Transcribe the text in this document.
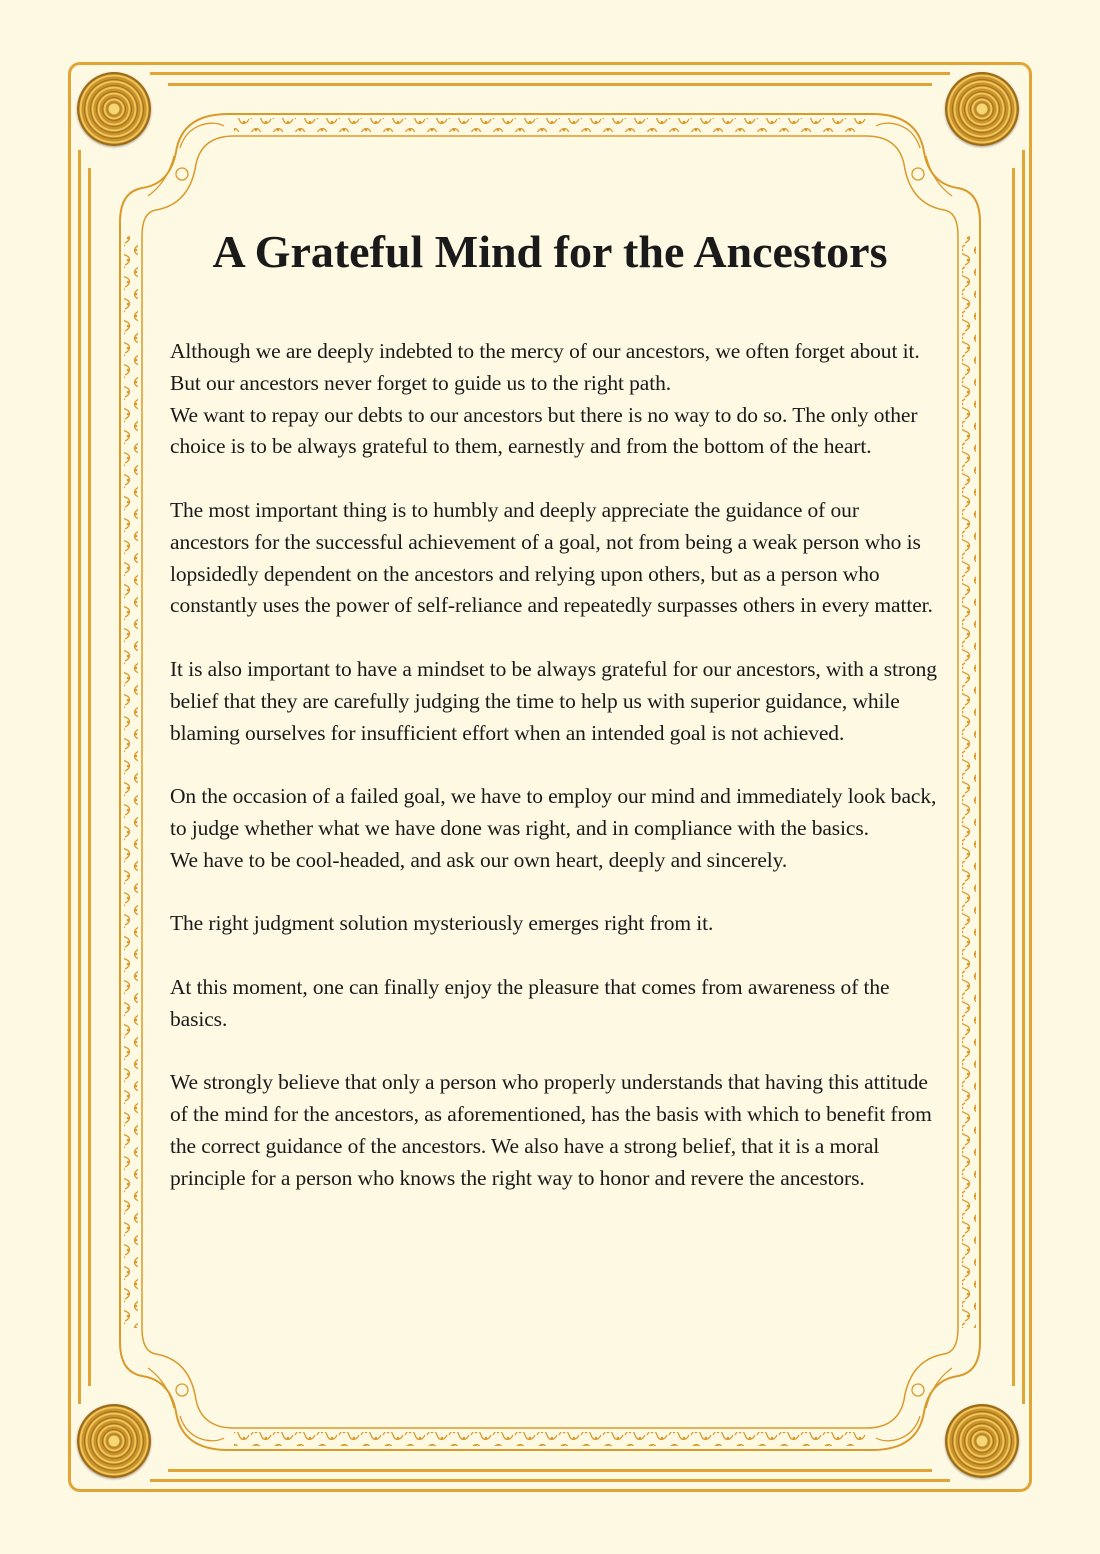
A Grateful Mind for the Ancestors

Although we are deeply indebted to the mercy of our ancestors, we often forget about it. But our ancestors never forget to guide us to the right path.
We want to repay our debts to our ancestors but there is no way to do so. The only other choice is to be always grateful to them, earnestly and from the bottom of the heart.

The most important thing is to humbly and deeply appreciate the guidance of our ancestors for the successful achievement of a goal, not from being a weak person who is lopsidedly dependent on the ancestors and relying upon others, but as a person who constantly uses the power of self-reliance and repeatedly surpasses others in every matter.

It is also important to have a mindset to be always grateful for our ancestors, with a strong belief that they are carefully judging the time to help us with superior guidance, while blaming ourselves for insufficient effort when an intended goal is not achieved.

On the occasion of a failed goal, we have to employ our mind and immediately look back, to judge whether what we have done was right, and in compliance with the basics.
We have to be cool-headed, and ask our own heart, deeply and sincerely.

The right judgment solution mysteriously emerges right from it.

At this moment, one can finally enjoy the pleasure that comes from awareness of the basics.

We strongly believe that only a person who properly understands that having this attitude of the mind for the ancestors, as aforementioned, has the basis with which to benefit from the correct guidance of the ancestors. We also have a strong belief, that it is a moral principle for a person who knows the right way to honor and revere the ancestors.
